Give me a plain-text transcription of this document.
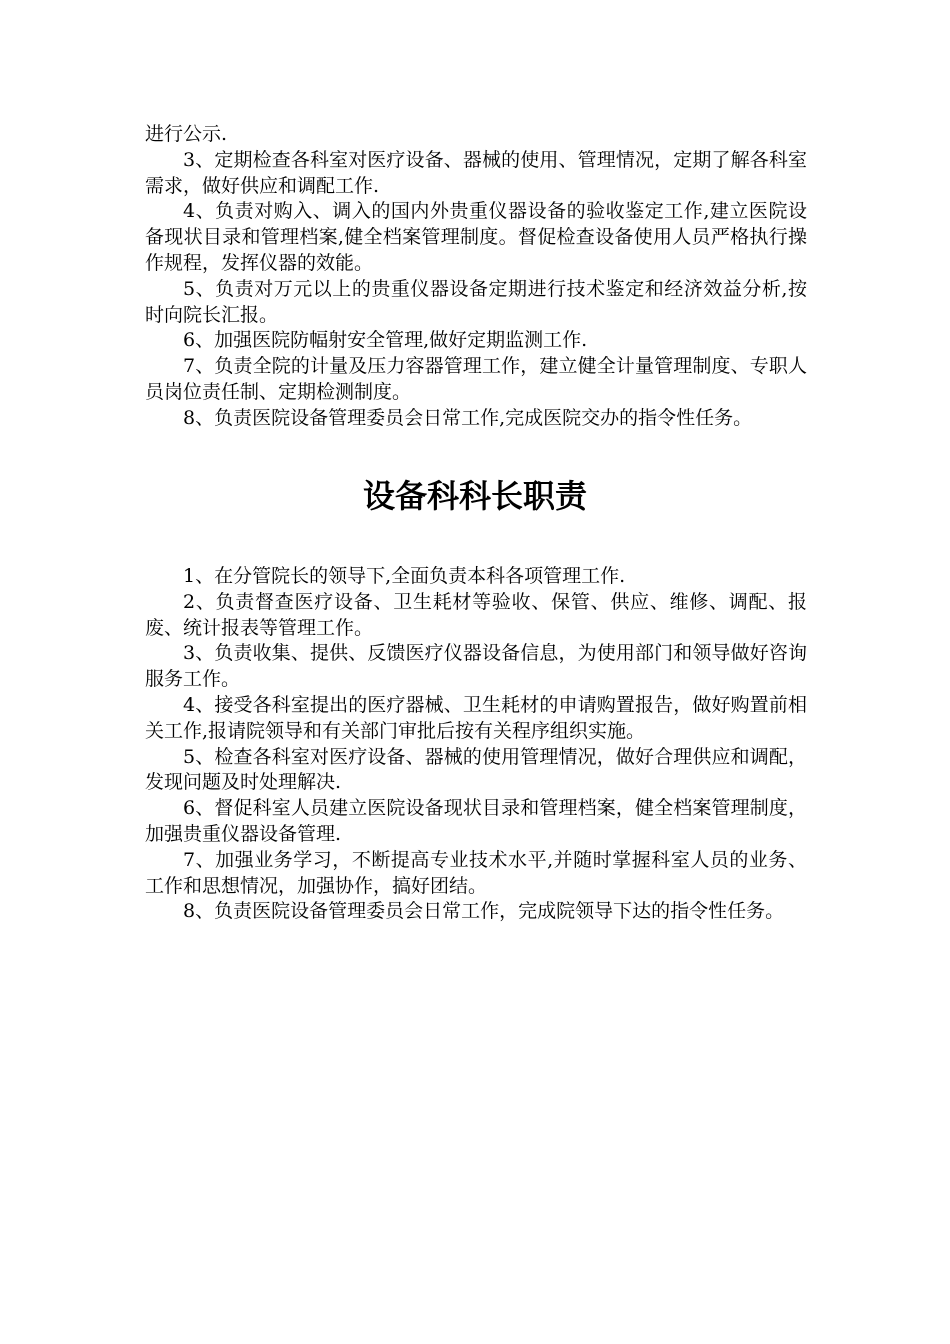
进行公示.

3、定期检查各科室对医疗设备、器械的使用、管理情况，定期了解各科室需求，做好供应和调配工作.

4、负责对购入、调入的国内外贵重仪器设备的验收鉴定工作,建立医院设备现状目录和管理档案,健全档案管理制度。督促检查设备使用人员严格执行操作规程，发挥仪器的效能。

5、负责对万元以上的贵重仪器设备定期进行技术鉴定和经济效益分析,按时向院长汇报。

6、加强医院防幅射安全管理,做好定期监测工作.

7、负责全院的计量及压力容器管理工作，建立健全计量管理制度、专职人员岗位责任制、定期检测制度。

8、负责医院设备管理委员会日常工作,完成医院交办的指令性任务。

设备科科长职责

1、在分管院长的领导下,全面负责本科各项管理工作.

2、负责督查医疗设备、卫生耗材等验收、保管、供应、维修、调配、报废、统计报表等管理工作。

3、负责收集、提供、反馈医疗仪器设备信息，为使用部门和领导做好咨询服务工作。

4、接受各科室提出的医疗器械、卫生耗材的申请购置报告，做好购置前相关工作,报请院领导和有关部门审批后按有关程序组织实施。

5、检查各科室对医疗设备、器械的使用管理情况，做好合理供应和调配，发现问题及时处理解决.

6、督促科室人员建立医院设备现状目录和管理档案，健全档案管理制度，加强贵重仪器设备管理.

7、加强业务学习，不断提高专业技术水平,并随时掌握科室人员的业务、工作和思想情况，加强协作，搞好团结。

8、负责医院设备管理委员会日常工作，完成院领导下达的指令性任务。
